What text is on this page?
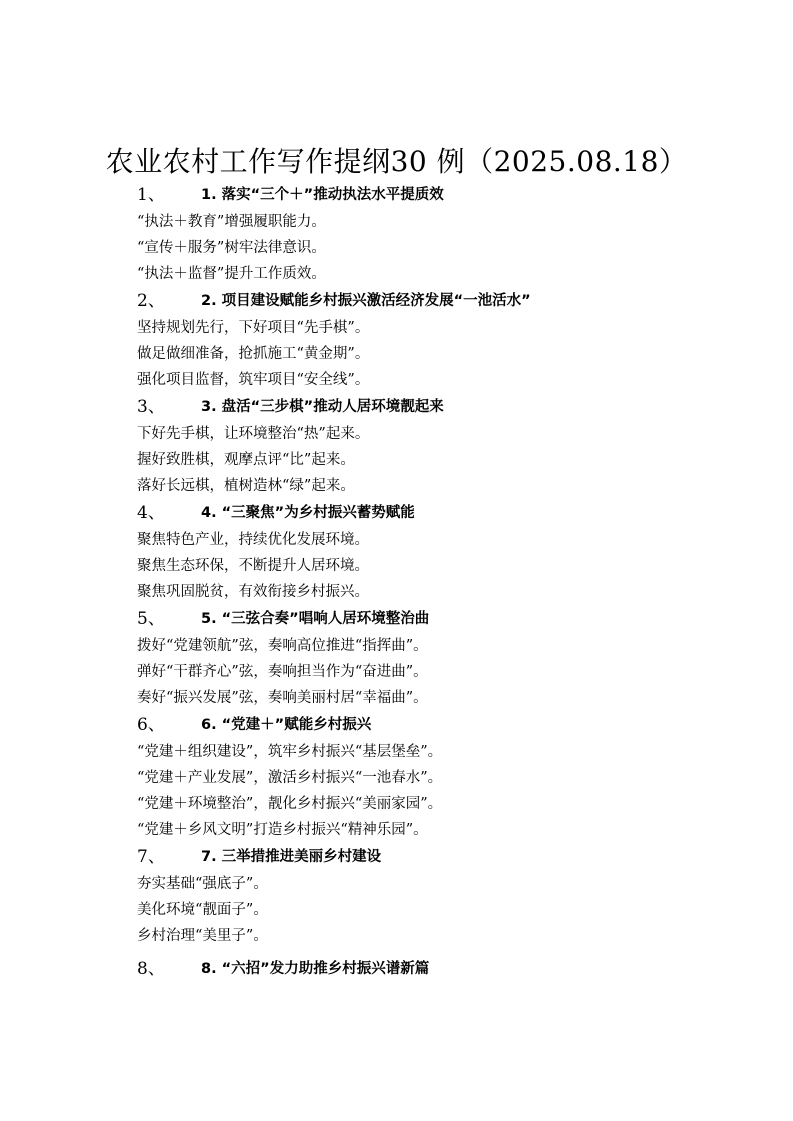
农业农村工作写作提纲30 例（2025.08.18）
1、	1. 落实“三个＋”推动执法水平提质效
“执法＋教育”增强履职能力。
“宣传＋服务”树牢法律意识。
“执法＋监督”提升工作质效。
2、	2. 项目建设赋能乡村振兴激活经济发展“一池活水”
坚持规划先行，下好项目“先手棋”。
做足做细准备，抢抓施工“黄金期”。
强化项目监督，筑牢项目“安全线”。
3、	3. 盘活“三步棋”推动人居环境靓起来
下好先手棋，让环境整治“热”起来。
握好致胜棋，观摩点评“比”起来。
落好长远棋，植树造林“绿”起来。
4、	4. “三聚焦”为乡村振兴蓄势赋能
聚焦特色产业，持续优化发展环境。
聚焦生态环保，不断提升人居环境。
聚焦巩固脱贫，有效衔接乡村振兴。
5、	5. “三弦合奏”唱响人居环境整治曲
拨好“党建领航”弦，奏响高位推进“指挥曲”。
弹好“干群齐心”弦，奏响担当作为“奋进曲”。
奏好“振兴发展”弦，奏响美丽村居“幸福曲”。
6、	6. “党建＋”赋能乡村振兴
“党建＋组织建设”，筑牢乡村振兴“基层堡垒”。
“党建＋产业发展”，激活乡村振兴“一池春水”。
“党建＋环境整治”，靓化乡村振兴“美丽家园”。
“党建＋乡风文明”打造乡村振兴“精神乐园”。
7、	7. 三举措推进美丽乡村建设
夯实基础“强底子”。
美化环境“靓面子”。
乡村治理“美里子”。
8、	8. “六招”发力助推乡村振兴谱新篇
